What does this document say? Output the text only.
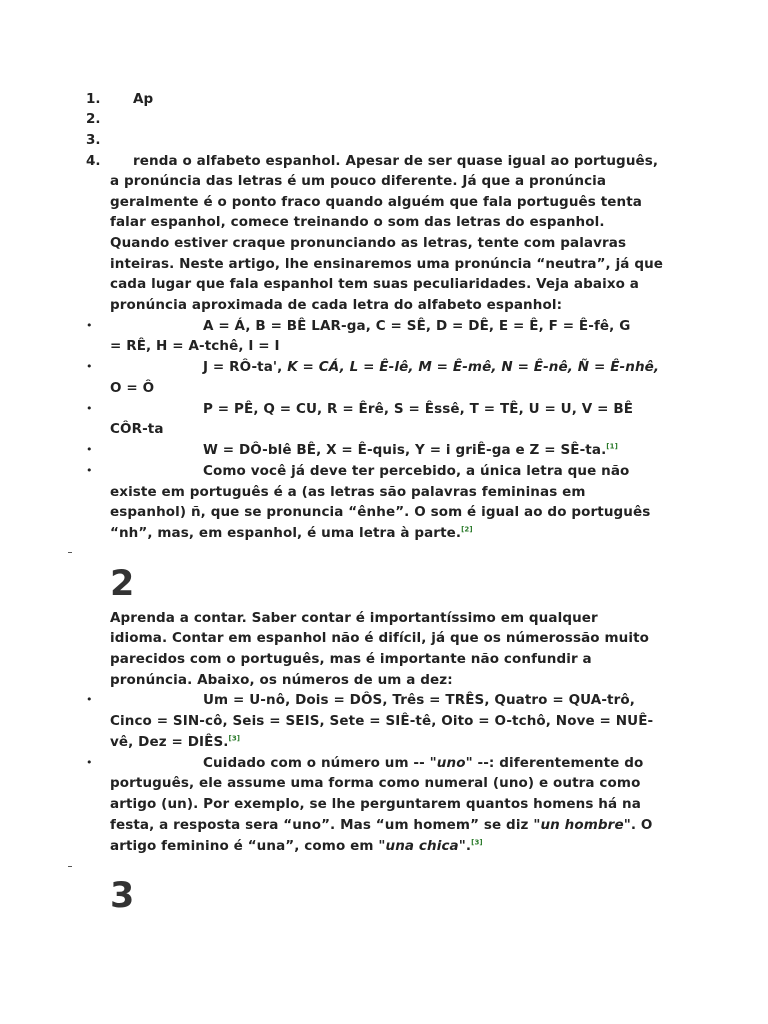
1. Ap
2.
3.
4. renda o alfabeto espanhol. Apesar de ser quase igual ao português,
a pronúncia das letras é um pouco diferente. Já que a pronúncia
geralmente é o ponto fraco quando alguém que fala português tenta
falar espanhol, comece treinando o som das letras do espanhol.
Quando estiver craque pronunciando as letras, tente com palavras
inteiras. Neste artigo, lhe ensinaremos uma pronúncia “neutra”, já que
cada lugar que fala espanhol tem suas peculiaridades. Veja abaixo a
pronúncia aproximada de cada letra do alfabeto espanhol:
•	A = Á, B = BÊ LAR-ga, C = SÊ, D = DÊ, E = Ê, F = Ê-fê, G
= RÊ, H = A-tchê, I = I
•	J = RÔ-ta', K = CÁ, L = Ê-lê, M = Ê-mê, N = Ê-nê, Ñ = Ê-nhê,
O = Ô
•	P = PÊ, Q = CU, R = Êrê, S = Êssê, T = TÊ, U = U, V = BÊ
CÔR-ta
•	W = DÔ-blê BÊ, X = Ê-quis, Y = i griÊ-ga e Z = SÊ-ta.[1]
•	Como você já deve ter percebido, a única letra que não
existe em português é a (as letras são palavras femininas em
espanhol) ñ, que se pronuncia “ênhe”. O som é igual ao do português
“nh”, mas, em espanhol, é uma letra à parte.[2]
2
Aprenda a contar. Saber contar é importantíssimo em qualquer
idioma. Contar em espanhol não é difícil, já que os númerossão muito
parecidos com o português, mas é importante não confundir a
pronúncia. Abaixo, os números de um a dez:
•	Um = U-nô, Dois = DÔS, Três = TRÊS, Quatro = QUA-trô,
Cinco = SIN-cô, Seis = SEIS, Sete = SIÊ-tê, Oito = O-tchô, Nove = NUÊ-
vê, Dez = DIÊS.[3]
•	Cuidado com o número um -- "uno" --: diferentemente do
português, ele assume uma forma como numeral (uno) e outra como
artigo (un). Por exemplo, se lhe perguntarem quantos homens há na
festa, a resposta sera “uno”. Mas “um homem” se diz "un hombre". O
artigo feminino é “una”, como em "una chica".[3]
3
